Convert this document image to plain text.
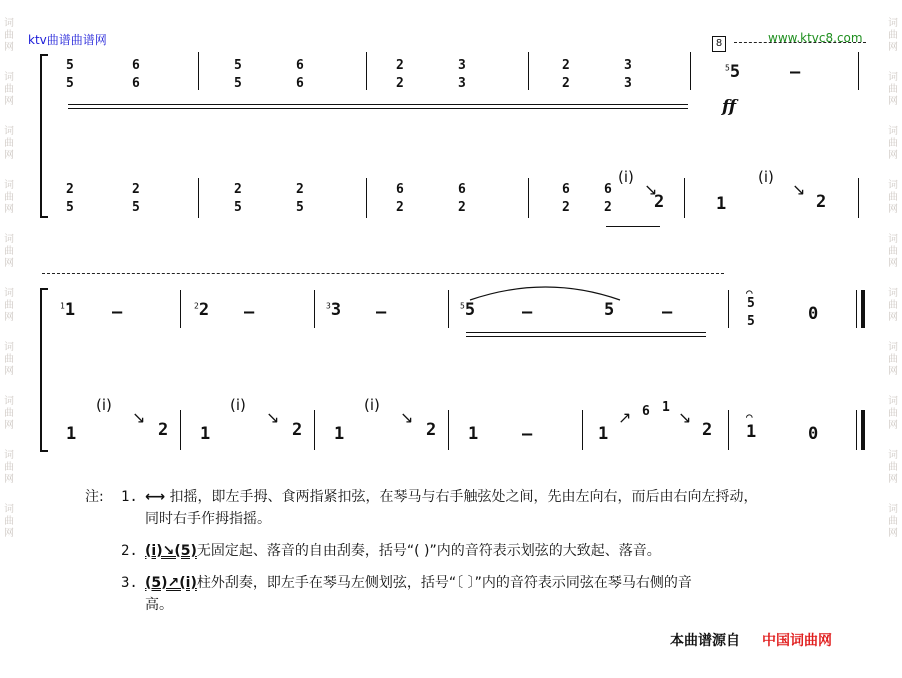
词
曲
网
词
曲
网
词
曲
网
词
曲
网
词
曲
网
词
曲
网
词
曲
网
词
曲
网
词
曲
网
词
曲
网
词
曲
网
词
曲
网
词
曲
网
词
曲
网
词
曲
网
词
曲
网
词
曲
网
词
曲
网
词
曲
网
词
曲
网
ktv曲谱曲谱网	www.ktvc8.com
8
5
5
6
6
5
5
6
6
2
2
3
3
2
2
3
3
$^5$5	–
ff
2
5
2
5
2
5
2
5
6
2
6
2
6
2
6
2
(i)
↘
2	1
(i)
↘
2
$^1$1 –	$^2$2 –	$^3$3 –	$^5$5	–	5	–
⌒
5
5	0
1
(i)
↘
2 1
(i)
↘
2 1
(i)
↘
2 1	–	1
↗ 6 1
↘
2
⌒
1	0
注:	1. ⟷ 扣摇，即左手拇、食两指紧扣弦，在琴马与右手触弦处之间，先由左向右，而后由右向左捋动，
同时右手作拇指摇。
2. (i)↘(5)无固定起、落音的自由刮奏，括号“( )”内的音符表示划弦的大致起、落音。
3. (5)↗(i)柱外刮奏，即左手在琴马左侧划弦，括号“〔 〕”内的音符表示同弦在琴马右侧的音
高。
本曲谱源自 中国词曲网
